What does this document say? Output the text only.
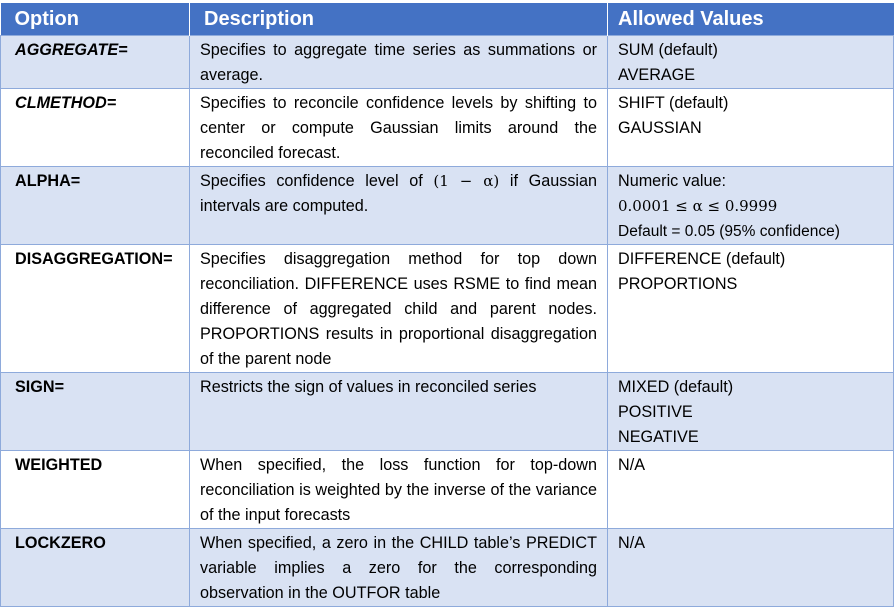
Option	Description	Allowed Values
AGGREGATE=	Specifies to aggregate time series as summations or average.	SUM (default)
AVERAGE

CLMETHOD=	Specifies to reconcile confidence levels by shifting to center or compute Gaussian limits around the reconciled forecast.	SHIFT (default)
GAUSSIAN

ALPHA=	Specifies confidence level of (1 − α) if Gaussian intervals are computed.	Numeric value:
0.0001 ≤ α ≤ 0.9999
Default = 0.05 (95% confidence)

DISAGGREGATION=	Specifies disaggregation method for top down reconciliation. DIFFERENCE uses RSME to find mean difference of aggregated child and parent nodes. PROPORTIONS results in proportional disaggregation of the parent node	DIFFERENCE (default)
PROPORTIONS

SIGN=	Restricts the sign of values in reconciled series	MIXED (default)
POSITIVE
NEGATIVE

WEIGHTED	When specified, the loss function for top-down reconciliation is weighted by the inverse of the variance of the input forecasts	N/A

LOCKZERO	When specified, a zero in the CHILD table’s PREDICT variable implies a zero for the corresponding observation in the OUTFOR table	N/A
